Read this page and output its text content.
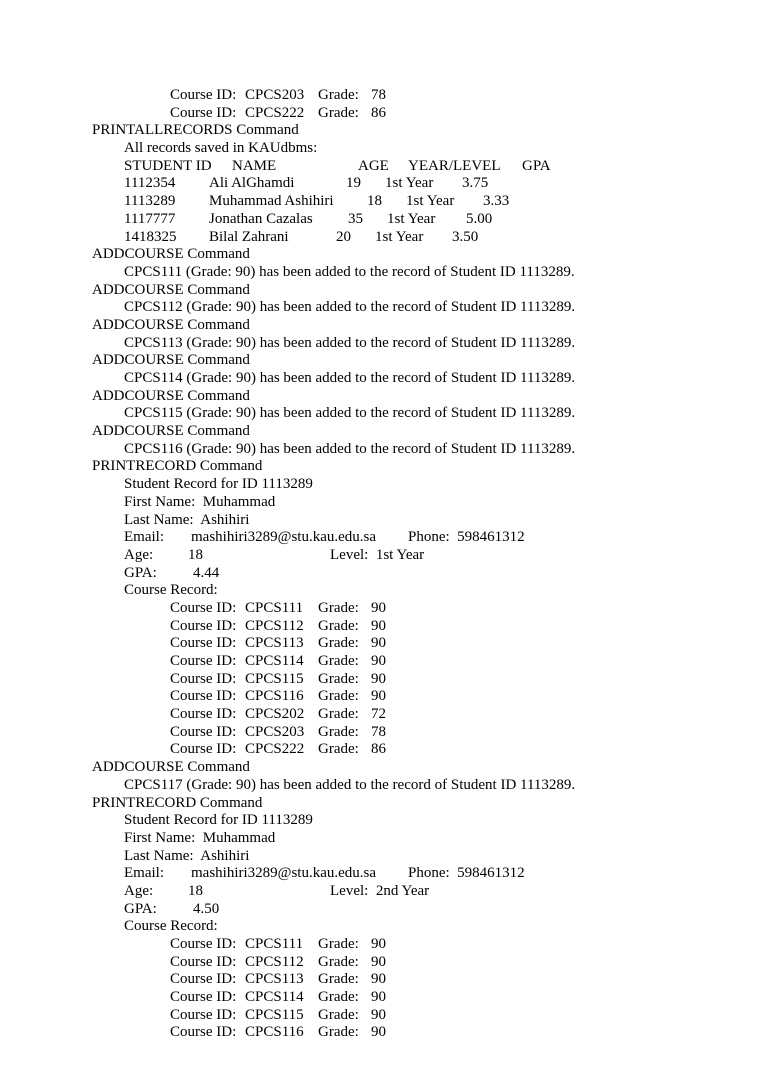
Course ID: CPCS203 Grade: 78
Course ID: CPCS222 Grade: 86
PRINTALLRECORDS Command
All records saved in KAUdbms:
STUDENT ID NAME	AGE YEAR/LEVEL GPA
1112354 Ali AlGhamdi	19 1st Year 3.75
1113289 Muhammad Ashihiri 18 1st Year 3.33
1117777 Jonathan Cazalas 35 1st Year 5.00
1418325 Bilal Zahrani	20 1st Year 3.50
ADDCOURSE Command
CPCS111 (Grade: 90) has been added to the record of Student ID 1113289.
ADDCOURSE Command
CPCS112 (Grade: 90) has been added to the record of Student ID 1113289.
ADDCOURSE Command
CPCS113 (Grade: 90) has been added to the record of Student ID 1113289.
ADDCOURSE Command
CPCS114 (Grade: 90) has been added to the record of Student ID 1113289.
ADDCOURSE Command
CPCS115 (Grade: 90) has been added to the record of Student ID 1113289.
ADDCOURSE Command
CPCS116 (Grade: 90) has been added to the record of Student ID 1113289.
PRINTRECORD Command
Student Record for ID 1113289
First Name:  Muhammad
Last Name:  Ashihiri
Email: mashihiri3289@stu.kau.edu.sa Phone:  598461312
Age: 18	Level:  1st Year
GPA: 4.44
Course Record:
Course ID: CPCS111 Grade: 90
Course ID: CPCS112 Grade: 90
Course ID: CPCS113 Grade: 90
Course ID: CPCS114 Grade: 90
Course ID: CPCS115 Grade: 90
Course ID: CPCS116 Grade: 90
Course ID: CPCS202 Grade: 72
Course ID: CPCS203 Grade: 78
Course ID: CPCS222 Grade: 86
ADDCOURSE Command
CPCS117 (Grade: 90) has been added to the record of Student ID 1113289.
PRINTRECORD Command
Student Record for ID 1113289
First Name:  Muhammad
Last Name:  Ashihiri
Email: mashihiri3289@stu.kau.edu.sa Phone:  598461312
Age: 18	Level:  2nd Year
GPA: 4.50
Course Record:
Course ID: CPCS111 Grade: 90
Course ID: CPCS112 Grade: 90
Course ID: CPCS113 Grade: 90
Course ID: CPCS114 Grade: 90
Course ID: CPCS115 Grade: 90
Course ID: CPCS116 Grade: 90
